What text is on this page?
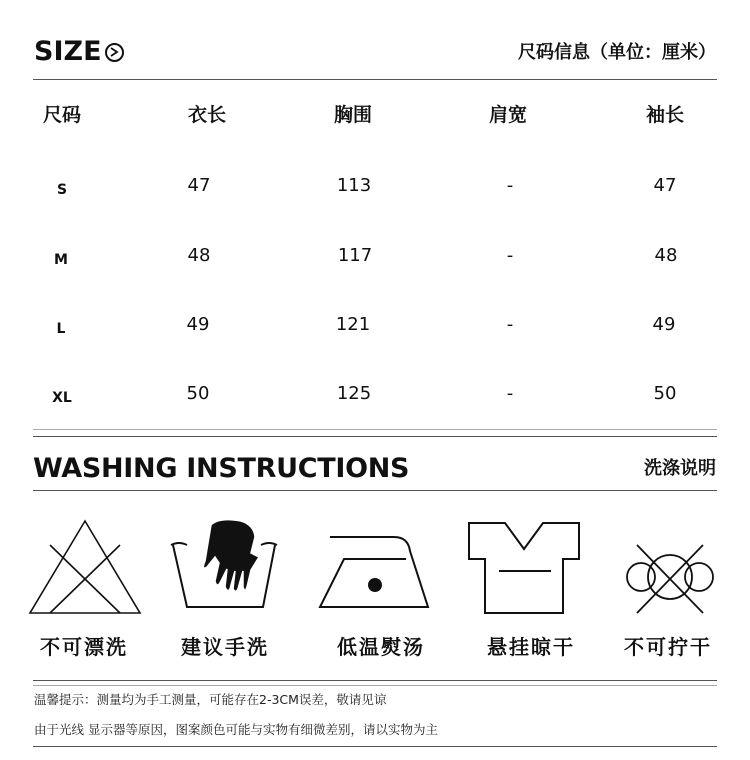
SIZE	尺码信息（单位：厘米）
尺码	衣长	胸围	肩宽	袖长
S	47	113	-	47
M	48	117	-	48
L	49	121	-	49
XL	50	125	-	50
WASHING INSTRUCTIONS	洗涤说明
不可漂洗	建议手洗	低温熨汤	悬挂晾干 不可拧干
温馨提示：测量均为手工测量，可能存在2-3CM误差，敬请见谅
由于光线 显示器等原因，图案颜色可能与实物有细微差别，请以实物为主
